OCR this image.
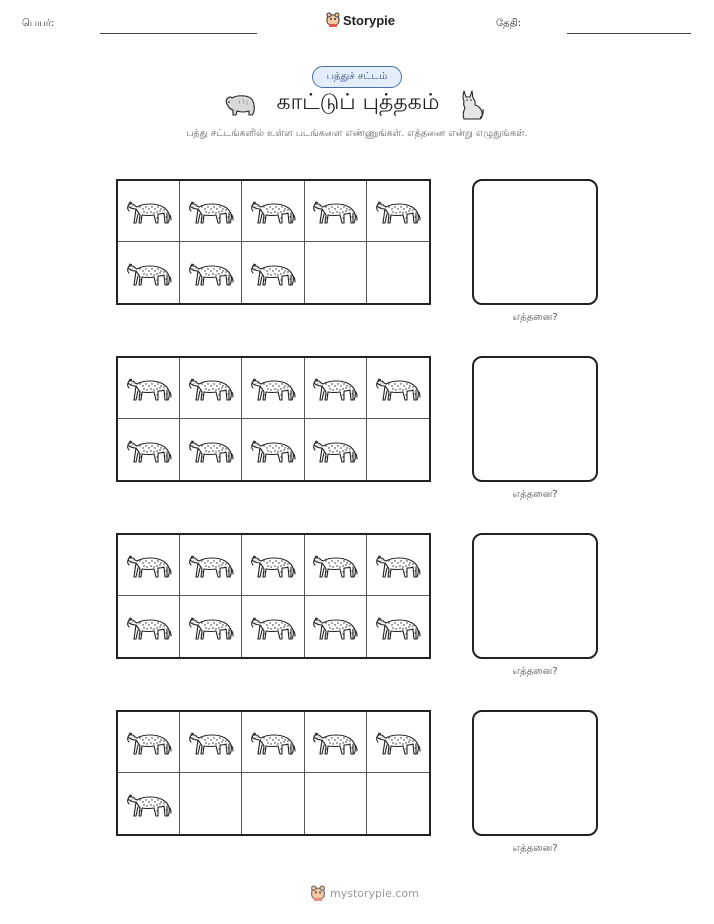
பெயர்:	Storypie	தேதி:
பத்துச் சட்டம்
காட்டுப் புத்தகம்
பத்து சட்டங்களில் உள்ள படங்களை எண்ணுங்கள். எத்தனை என்று எழுதுங்கள்.
எத்தனை?
எத்தனை?
எத்தனை?
எத்தனை?
mystorypie.com
